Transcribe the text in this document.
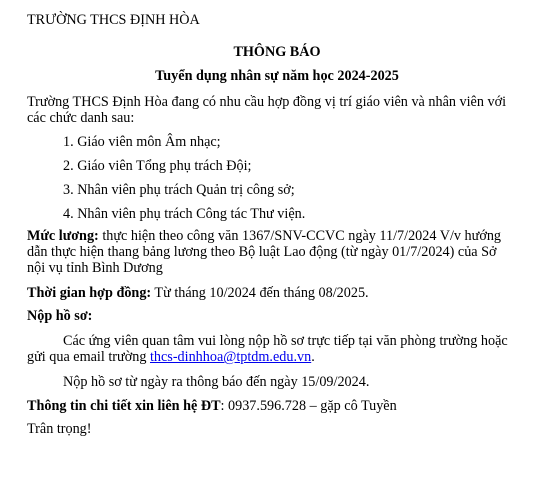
TRƯỜNG THCS ĐỊNH HÒA
THÔNG BÁO
Tuyển dụng nhân sự năm học 2024-2025
Trường THCS Định Hòa đang có nhu cầu hợp đồng vị trí giáo viên và nhân viên với
các chức danh sau:
1. Giáo viên môn Âm nhạc;
2. Giáo viên Tổng phụ trách Đội;
3. Nhân viên phụ trách Quản trị công sở;
4. Nhân viên phụ trách Công tác Thư viện.
Mức lương: thực hiện theo công văn 1367/SNV-CCVC ngày 11/7/2024 V/v hướng
dẫn thực hiện thang bảng lương theo Bộ luật Lao động (từ ngày 01/7/2024) của Sở
nội vụ tỉnh Bình Dương
Thời gian hợp đồng: Từ tháng 10/2024 đến tháng 08/2025.
Nộp hồ sơ:
Các ứng viên quan tâm vui lòng nộp hồ sơ trực tiếp tại văn phòng trường hoặc
gửi qua email trường thcs-dinhhoa@tptdm.edu.vn.
Nộp hồ sơ từ ngày ra thông báo đến ngày 15/09/2024.
Thông tin chi tiết xin liên hệ ĐT: 0937.596.728 – gặp cô Tuyền
Trân trọng!
